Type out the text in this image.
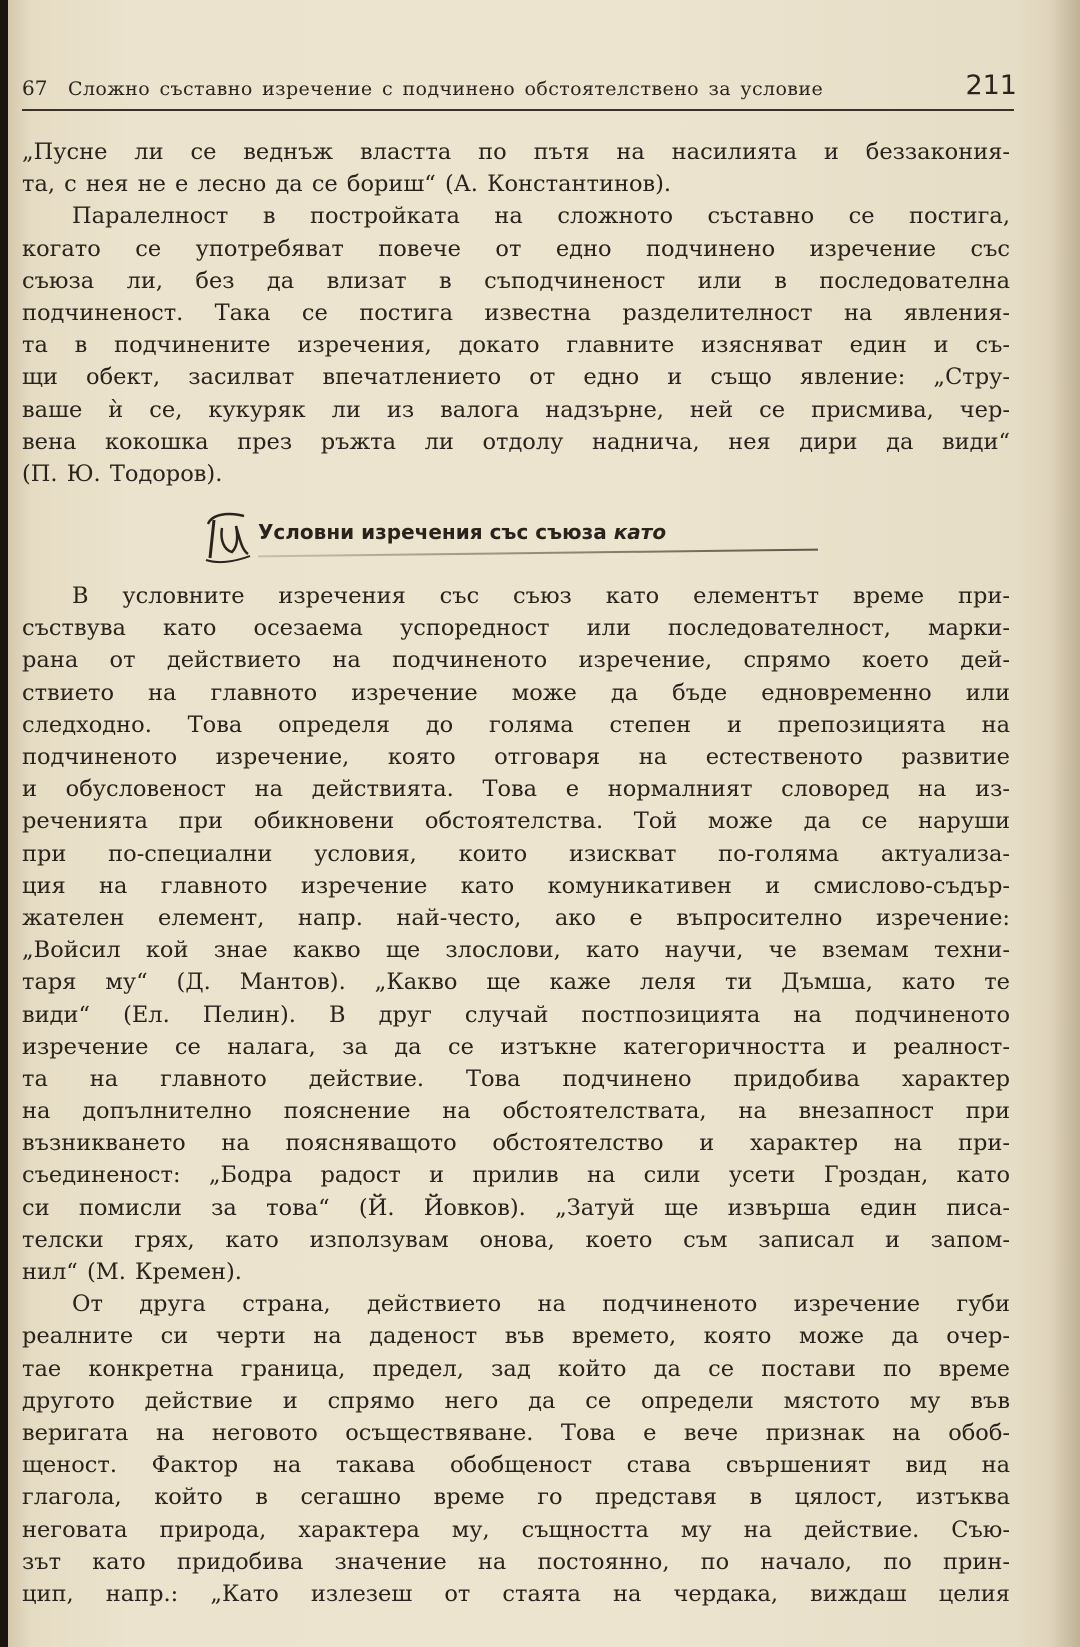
67 Сложно съставно изречение с подчинено обстоятелствено за условие	211
„Пусне ли се веднъж властта по пътя на насилията и беззакония-
та, с нея не е лесно да се бориш“ (А. Константинов).
Паралелност в постройката на сложното съставно се постига,
когато се употребяват повече от едно подчинено изречение със
съюза ли, без да влизат в съподчиненост или в последователна
подчиненост. Така се постига известна разделителност на явления-
та в подчинените изречения, докато главните изясняват един и съ-
щи обект, засилват впечатлението от едно и също явление: „Стру-
ваше ѝ се, кукуряк ли из валога надзърне, ней се присмива, чер-
вена кокошка през ръжта ли отдолу надничa, нея дири да види“
(П. Ю. Тодоров).
Условни изречения със съюза като
В условните изречения със съюз като елементът време при-
съствува като осезаема успоредност или последователност, марки-
рана от действието на подчиненото изречение, спрямо което дей-
ствието на главното изречение може да бъде едновременно или
следходно. Това определя до голяма степен и препозицията на
подчиненото изречение, която отговаря на естественото развитие
и обусловеност на действията. Това е нормалният словоред на из-
реченията при обикновени обстоятелства. Той може да се наруши
при по-специални условия, които изискват по-голяма актуализа-
ция на главното изречение като комуникативен и смислово-съдър-
жателен елемент, напр. най-често, ако е въпросително изречение:
„Войсил кой знае какво ще злослови, като научи, че вземам техни-
таря му“ (Д. Мантов). „Какво ще каже леля ти Дъмша, като те
види“ (Ел. Пелин). В друг случай постпозицията на подчиненото
изречение се налага, за да се изтъкне категоричността и реалност-
та на главното действие. Това подчинено придобива характер
на допълнително пояснение на обстоятелствата, на внезапност при
възникването на поясняващото обстоятелство и характер на при-
съединеност: „Бодра радост и прилив на сили усети Гроздан, като
си помисли за това“ (Й. Йовков). „Затуй ще извърша един писа-
телски грях, като използувам онова, което съм записал и запом-
нил“ (М. Кремен).
От друга страна, действието на подчиненото изречение губи
реалните си черти на даденост във времето, която може да очер-
тае конкретна граница, предел, зад който да се постави по време
другото действие и спрямо него да се определи мястото му във
веригата на неговото осъществяване. Това е вече признак на обоб-
щеност. Фактор на такава обобщеност става свършеният вид на
глагола, който в сегашно време го представя в цялост, изтъква
неговата природа, характера му, същността му на действие. Съю-
зът като придобива значение на постоянно, по начало, по прин-
цип, напр.: „Като излезеш от стаята на чердака, виждаш целия
